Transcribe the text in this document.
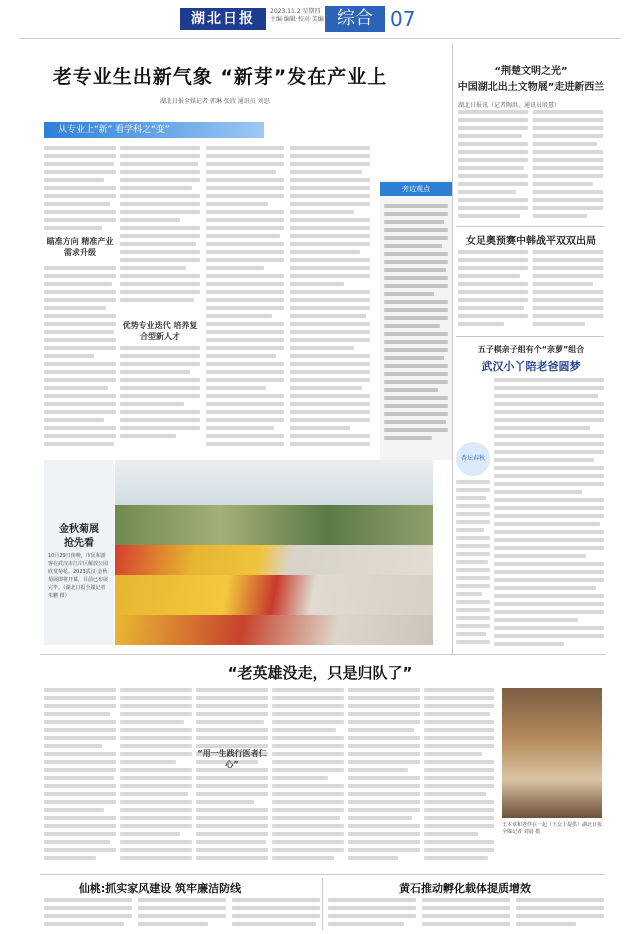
湖北日报	2023.11.2 星期四
主编·编辑·校对·美编 综合 07
老专业生出新气象 “新芽”发在产业上
湖北日报全媒记者 郭琳 张欣 通讯员 刘思
从专业上“新” 看学科之“变”
瞄准方向 精准产业需求升级
优势专业迭代 培养复合型新人才
旁边观点
“荆楚文明之光”
中国湖北出土文物展”走进新西兰
湖北日报讯（记者陶洪、通讯员殷慧）
女足奥预赛中韩战平双双出局
五子棋亲子组有个“亲萝”组合
武汉小丫陪老爸圆梦
杏坛春秋
金秋菊展
抢先看
10月29日傍晚，市民和游客在武汉市江岸区解放公园欣赏菊花。2023武汉·金秋菊展即将开幕，目前已布展完毕。（湖北日报全媒记者 朱鹏 摄）
“老英雄没走，只是归队了”
“用一生践行医者仁心”
王本章和老伴在一起（王女士提供）湖北日报全媒记者 刘晨 摄
仙桃:抓实家风建设 筑牢廉洁防线	黄石推动孵化载体提质增效
